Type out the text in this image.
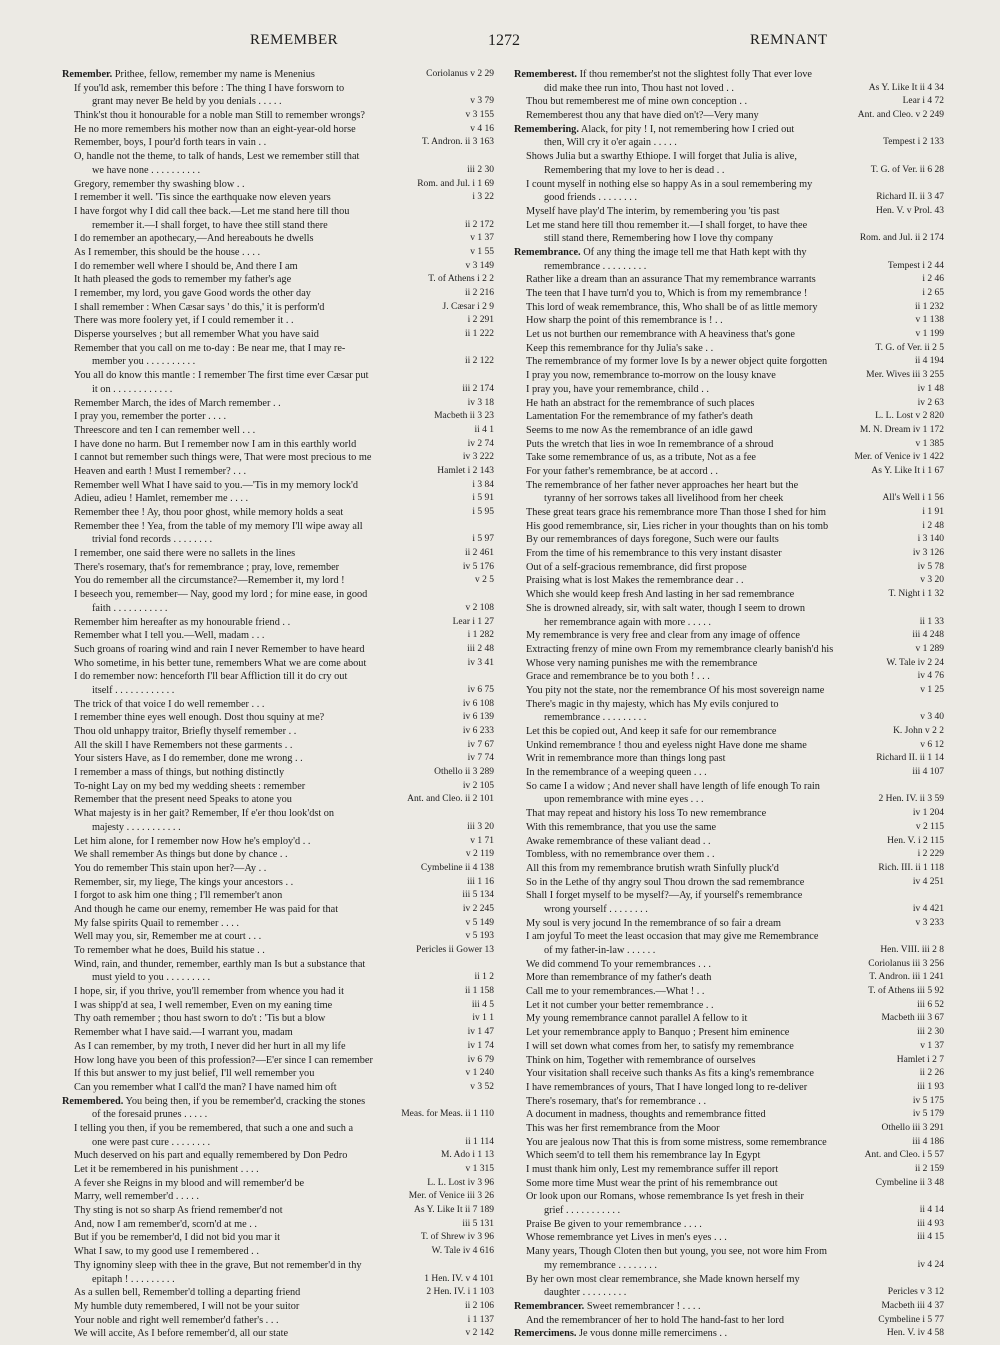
REMEMBER	1272	REMNANT
Coriolanus v 2 29
Remember. Prithee, fellow, remember my name is Menenius
If you'ld ask, remember this before : The thing I have forsworn to
v 3 79
grant may never Be held by you denials . . . . .
v 3 155
Think'st thou it honourable for a noble man Still to remember wrongs?
v 4 16
He no more remembers his mother now than an eight-year-old horse
T. Andron. ii 3 163
Remember, boys, I pour'd forth tears in vain . .
O, handle not the theme, to talk of hands, Lest we remember still that
iii 2 30
we have none . . . . . . . . . .
Rom. and Jul. i 1 69
Gregory, remember thy swashing blow . .
i 3 22
I remember it well. 'Tis since the earthquake now eleven years
I have forgot why I did call thee back.—Let me stand here till thou
ii 2 172
remember it.—I shall forget, to have thee still stand there
v 1 37
I do remember an apothecary,—And hereabouts he dwells
v 1 55
As I remember, this should be the house . . . .
v 3 149
I do remember well where I should be, And there I am
T. of Athens i 2 2
It hath pleased the gods to remember my father's age
ii 2 216
I remember, my lord, you gave Good words the other day
J. Cæsar i 2 9
I shall remember : When Cæsar says ' do this,' it is perform'd
i 2 291
There was more foolery yet, if I could remember it . .
ii 1 222
Disperse yourselves ; but all remember What you have said
Remember that you call on me to-day : Be near me, that I may re-
ii 2 122
member you . . . . . . . . . .
You all do know this mantle : I remember The first time ever Cæsar put
iii 2 174
it on . . . . . . . . . . . .
iv 3 18
Remember March, the ides of March remember . .
Macbeth ii 3 23
I pray you, remember the porter . . . .
ii 4 1
Threescore and ten I can remember well . . .
iv 2 74
I have done no harm. But I remember now I am in this earthly world
iv 3 222
I cannot but remember such things were, That were most precious to me
Hamlet i 2 143
Heaven and earth ! Must I remember? . . .
i 3 84
Remember well What I have said to you.—'Tis in my memory lock'd
i 5 91
Adieu, adieu ! Hamlet, remember me . . . .
i 5 95
Remember thee ! Ay, thou poor ghost, while memory holds a seat
Remember thee ! Yea, from the table of my memory I'll wipe away all
i 5 97
trivial fond records . . . . . . . .
ii 2 461
I remember, one said there were no sallets in the lines
iv 5 176
There's rosemary, that's for remembrance ; pray, love, remember
v 2 5
You do remember all the circumstance?—Remember it, my lord !
I beseech you, remember— Nay, good my lord ; for mine ease, in good
v 2 108
faith . . . . . . . . . . .
Lear i 1 27
Remember him hereafter as my honourable friend . .
i 1 282
Remember what I tell you.—Well, madam . . .
iii 2 48
Such groans of roaring wind and rain I never Remember to have heard
iv 3 41
Who sometime, in his better tune, remembers What we are come about
I do remember now: henceforth I'll bear Affliction till it do cry out
iv 6 75
itself . . . . . . . . . . . .
iv 6 108
The trick of that voice I do well remember . . .
iv 6 139
I remember thine eyes well enough. Dost thou squiny at me?
iv 6 233
Thou old unhappy traitor, Briefly thyself remember . .
iv 7 67
All the skill I have Remembers not these garments . .
iv 7 74
Your sisters Have, as I do remember, done me wrong . .
Othello ii 3 289
I remember a mass of things, but nothing distinctly
iv 2 105
To-night Lay on my bed my wedding sheets : remember
Ant. and Cleo. ii 2 101
Remember that the present need Speaks to atone you
What majesty is in her gait? Remember, If e'er thou look'dst on
iii 3 20
majesty . . . . . . . . . . .
v 1 71
Let him alone, for I remember now How he's employ'd . .
v 2 119
We shall remember As things but done by chance . .
Cymbeline ii 4 138
You do remember This stain upon her?—Ay . .
iii 1 16
Remember, sir, my liege, The kings your ancestors . .
iii 5 134
I forgot to ask him one thing ; I'll remember't anon
iv 2 245
And though he came our enemy, remember He was paid for that
v 5 149
My false spirits Quail to remember . . . .
v 5 193
Well may you, sir, Remember me at court . . .
Pericles ii Gower 13
To remember what he does, Build his statue . .
Wind, rain, and thunder, remember, earthly man Is but a substance that
ii 1 2
must yield to you . . . . . . . . .
ii 1 158
I hope, sir, if you thrive, you'll remember from whence you had it
iii 4 5
I was shipp'd at sea, I well remember, Even on my eaning time
iv 1 1
Thy oath remember ; thou hast sworn to do't : 'Tis but a blow
iv 1 47
Remember what I have said.—I warrant you, madam
iv 1 74
As I can remember, by my troth, I never did her hurt in all my life
iv 6 79
How long have you been of this profession?—E'er since I can remember
v 1 240
If this but answer to my just belief, I'll well remember you
v 3 52
Can you remember what I call'd the man? I have named him oft
Remembered. You being then, if you be remember'd, cracking the stones
Meas. for Meas. ii 1 110
of the foresaid prunes . . . . .
I telling you then, if you be remembered, that such a one and such a
ii 1 114
one were past cure . . . . . . . .
M. Ado i 1 13
Much deserved on his part and equally remembered by Don Pedro
v 1 315
Let it be remembered in his punishment . . . .
L. L. Lost iv 3 96
A fever she Reigns in my blood and will remember'd be
Mer. of Venice iii 3 26
Marry, well remember'd . . . . .
As Y. Like It ii 7 189
Thy sting is not so sharp As friend remember'd not
iii 5 131
And, now I am remember'd, scorn'd at me . .
T. of Shrew iv 3 96
But if you be remember'd, I did not bid you mar it
W. Tale iv 4 616
What I saw, to my good use I remembered . .
Thy ignominy sleep with thee in the grave, But not remember'd in thy
1 Hen. IV. v 4 101
epitaph ! . . . . . . . . .
2 Hen. IV. i 1 103
As a sullen bell, Remember'd tolling a departing friend
ii 2 106
My humble duty remembered, I will not be your suitor
i 1 137
Your noble and right well remember'd father's . . .
v 2 142
We will accite, As I before remember'd, all our state
Rememberest. If thou remember'st not the slightest folly That ever love
As Y. Like It ii 4 34
did make thee run into, Thou hast not loved . .
Lear i 4 72
Thou but rememberest me of mine own conception . .
Ant. and Cleo. v 2 249
Rememberest thou any that have died on't?—Very many
Remembering. Alack, for pity ! I, not remembering how I cried out
Tempest i 2 133
then, Will cry it o'er again . . . . .
Shows Julia but a swarthy Ethiope. I will forget that Julia is alive,
T. G. of Ver. ii 6 28
Remembering that my love to her is dead . .
I count myself in nothing else so happy As in a soul remembering my
Richard II. ii 3 47
good friends . . . . . . . .
Hen. V. v Prol. 43
Myself have play'd The interim, by remembering you 'tis past
Let me stand here till thou remember it.—I shall forget, to have thee
Rom. and Jul. ii 2 174
still stand there, Remembering how I love thy company
Remembrance. Of any thing the image tell me that Hath kept with thy
Tempest i 2 44
remembrance . . . . . . . . .
i 2 46
Rather like a dream than an assurance That my remembrance warrants
i 2 65
The teen that I have turn'd you to, Which is from my remembrance !
ii 1 232
This lord of weak remembrance, this, Who shall be of as little memory
v 1 138
How sharp the point of this remembrance is ! . .
v 1 199
Let us not burthen our remembrance with A heaviness that's gone
T. G. of Ver. ii 2 5
Keep this remembrance for thy Julia's sake . .
ii 4 194
The remembrance of my former love Is by a newer object quite forgotten
Mer. Wives iii 3 255
I pray you now, remembrance to-morrow on the lousy knave
iv 1 48
I pray you, have your remembrance, child . .
iv 2 63
He hath an abstract for the remembrance of such places
L. L. Lost v 2 820
Lamentation For the remembrance of my father's death
M. N. Dream iv 1 172
Seems to me now As the remembrance of an idle gawd
v 1 385
Puts the wretch that lies in woe In remembrance of a shroud
Mer. of Venice iv 1 422
Take some remembrance of us, as a tribute, Not as a fee
As Y. Like It i 1 67
For your father's remembrance, be at accord . .
The remembrance of her father never approaches her heart but the
All's Well i 1 56
tyranny of her sorrows takes all livelihood from her cheek
i 1 91
These great tears grace his remembrance more Than those I shed for him
i 2 48
His good remembrance, sir, Lies richer in your thoughts than on his tomb
i 3 140
By our remembrances of days foregone, Such were our faults
iv 3 126
From the time of his remembrance to this very instant disaster
iv 5 78
Out of a self-gracious remembrance, did first propose
v 3 20
Praising what is lost Makes the remembrance dear . .
T. Night i 1 32
Which she would keep fresh And lasting in her sad remembrance
She is drowned already, sir, with salt water, though I seem to drown
ii 1 33
her remembrance again with more . . . . .
iii 4 248
My remembrance is very free and clear from any image of offence
v 1 289
Extracting frenzy of mine own From my remembrance clearly banish'd his
W. Tale iv 2 24
Whose very naming punishes me with the remembrance
iv 4 76
Grace and remembrance be to you both ! . . .
v 1 25
You pity not the state, nor the remembrance Of his most sovereign name
There's magic in thy majesty, which has My evils conjured to
v 3 40
remembrance . . . . . . . . .
K. John v 2 2
Let this be copied out, And keep it safe for our remembrance
v 6 12
Unkind remembrance ! thou and eyeless night Have done me shame
Richard II. ii 1 14
Writ in remembrance more than things long past
iii 4 107
In the remembrance of a weeping queen . . .
So came I a widow ; And never shall have length of life enough To rain
2 Hen. IV. ii 3 59
upon remembrance with mine eyes . . .
iv 1 204
That may repeat and history his loss To new remembrance
v 2 115
With this remembrance, that you use the same
Hen. V. i 2 115
Awake remembrance of these valiant dead . .
i 2 229
Tombless, with no remembrance over them . .
Rich. III. ii 1 118
All this from my remembrance brutish wrath Sinfully pluck'd
iv 4 251
So in the Lethe of thy angry soul Thou drown the sad remembrance
Shall I forget myself to be myself?—Ay, if yourself's remembrance
iv 4 421
wrong yourself . . . . . . . .
v 3 233
My soul is very jocund In the remembrance of so fair a dream
I am joyful To meet the least occasion that may give me Remembrance
Hen. VIII. iii 2 8
of my father-in-law . . . . . .
Coriolanus iii 3 256
We did commend To your remembrances . . .
T. Andron. iii 1 241
More than remembrance of my father's death
T. of Athens iii 5 92
Call me to your remembrances.—What ! . .
iii 6 52
Let it not cumber your better remembrance . .
Macbeth iii 3 67
My young remembrance cannot parallel A fellow to it
iii 2 30
Let your remembrance apply to Banquo ; Present him eminence
v 1 37
I will set down what comes from her, to satisfy my remembrance
Hamlet i 2 7
Think on him, Together with remembrance of ourselves
ii 2 26
Your visitation shall receive such thanks As fits a king's remembrance
iii 1 93
I have remembrances of yours, That I have longed long to re-deliver
iv 5 175
There's rosemary, that's for remembrance . .
iv 5 179
A document in madness, thoughts and remembrance fitted
Othello iii 3 291
This was her first remembrance from the Moor
iii 4 186
You are jealous now That this is from some mistress, some remembrance
Ant. and Cleo. i 5 57
Which seem'd to tell them his remembrance lay In Egypt
ii 2 159
I must thank him only, Lest my remembrance suffer ill report
Cymbeline ii 3 48
Some more time Must wear the print of his remembrance out
Or look upon our Romans, whose remembrance Is yet fresh in their
ii 4 14
grief . . . . . . . . . . .
iii 4 93
Praise Be given to your remembrance . . . .
iii 4 15
Whose remembrance yet Lives in men's eyes . . .
Many years, Though Cloten then but young, you see, not wore him From
iv 4 24
my remembrance . . . . . . . .
By her own most clear remembrance, she Made known herself my
Pericles v 3 12
daughter . . . . . . . . .
Macbeth iii 4 37
Remembrancer. Sweet remembrancer ! . . . .
Cymbeline i 5 77
And the remembrancer of her to hold The hand-fast to her lord
Hen. V. iv 4 58
Remercimens. Je vous donne mille remercimens . .
